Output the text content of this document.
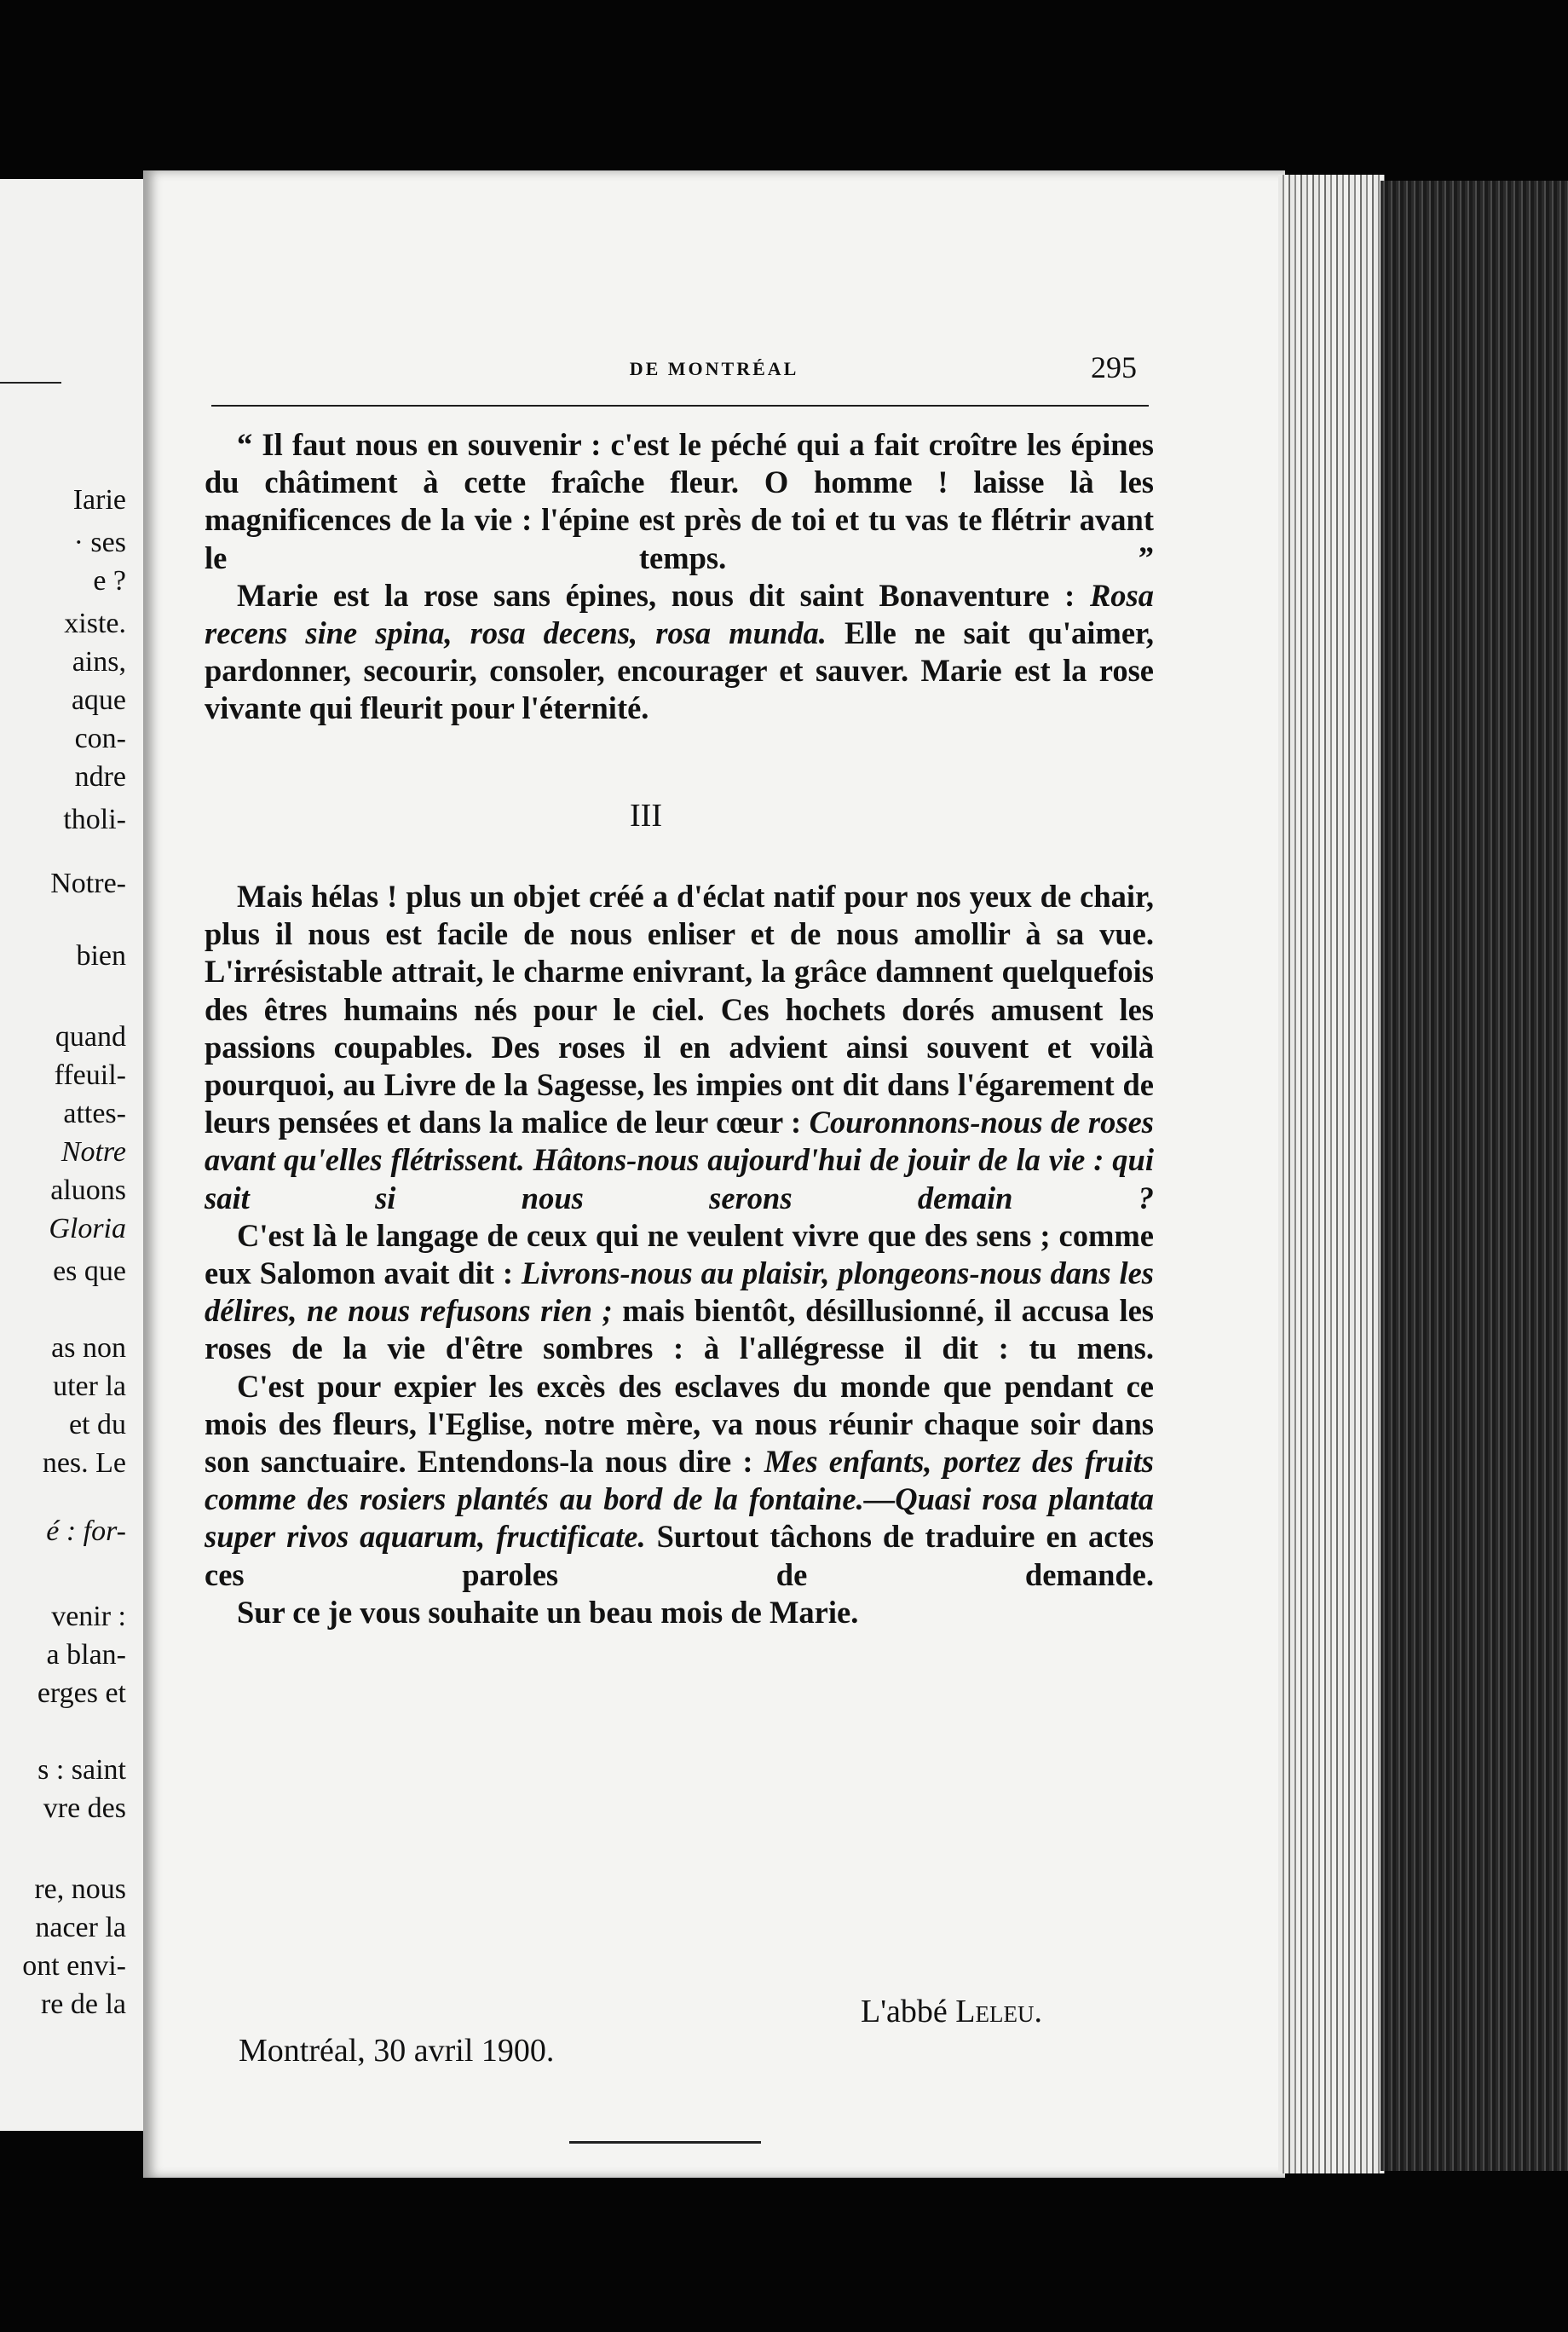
Iarie
· ses
e ?
xiste.
ains,
aque
con-
ndre
tholi-
Notre-
bien
quand
ffeuil-
attes-
Notre
aluons
Gloria
es que
as non
uter la
et du
nes. Le
é : for-
venir :
a blan-
erges et
s : saint
vre des
re, nous
nacer la
ont envi-
re de la
DE MONTRÉAL	295

“ Il faut nous en souvenir : c'est le péché qui a fait croître les épines du châtiment à cette fraîche fleur. O homme ! laisse là les magnificences de la vie : l'épine est près de toi et tu vas te flétrir avant le temps. ”

Marie est la rose sans épines, nous dit saint Bonaventure : Rosa recens sine spina, rosa decens, rosa munda. Elle ne sait qu'aimer, pardonner, secourir, consoler, encourager et sauver. Marie est la rose vivante qui fleurit pour l'éternité.

III

Mais hélas ! plus un objet créé a d'éclat natif pour nos yeux de chair, plus il nous est facile de nous enliser et de nous amollir à sa vue. L'irrésistable attrait, le charme enivrant, la grâce damnent quelquefois des êtres humains nés pour le ciel. Ces hochets dorés amusent les passions coupables. Des roses il en advient ainsi souvent et voilà pourquoi, au Livre de la Sagesse, les impies ont dit dans l'égarement de leurs pensées et dans la malice de leur cœur : Couronnons-nous de roses avant qu'elles flétrissent. Hâtons-nous aujourd'hui de jouir de la vie : qui sait si nous serons demain ?

C'est là le langage de ceux qui ne veulent vivre que des sens ; comme eux Salomon avait dit : Livrons-nous au plaisir, plongeons-nous dans les délires, ne nous refusons rien ; mais bientôt, désillusionné, il accusa les roses de la vie d'être sombres : à l'allégresse il dit : tu mens.

C'est pour expier les excès des esclaves du monde que pendant ce mois des fleurs, l'Eglise, notre mère, va nous réunir chaque soir dans son sanctuaire. Entendons-la nous dire : Mes enfants, portez des fruits comme des rosiers plantés au bord de la fontaine.—Quasi rosa plantata super rivos aquarum, fructificate. Surtout tâchons de traduire en actes ces paroles de demande.

Sur ce je vous souhaite un beau mois de Marie.

L'abbé Leleu.
Montréal, 30 avril 1900.
